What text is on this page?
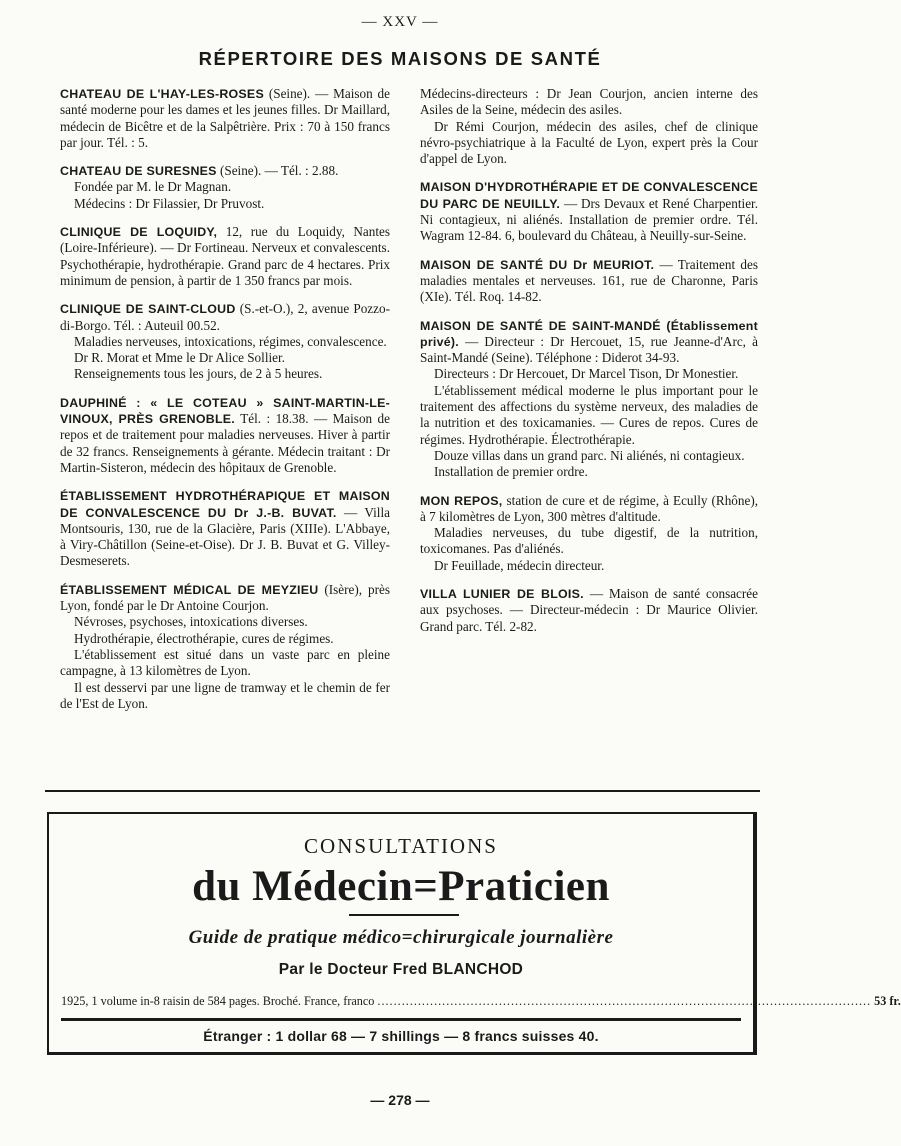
— XXV —
RÉPERTOIRE DES MAISONS DE SANTÉ

CHATEAU DE L'HAY-LES-ROSES (Seine). — Maison de santé moderne pour les dames et les jeunes filles. Dr Maillard, médecin de Bicêtre et de la Salpêtrière. Prix : 70 à 150 francs par jour. Tél. : 5.

CHATEAU DE SURESNES (Seine). — Tél. : 2.88.

Fondée par M. le Dr Magnan.

Médecins : Dr Filassier, Dr Pruvost.

CLINIQUE DE LOQUIDY, 12, rue du Loquidy, Nantes (Loire-Inférieure). — Dr Fortineau. Nerveux et convalescents. Psychothérapie, hydrothérapie. Grand parc de 4 hectares. Prix minimum de pension, à partir de 1 350 francs par mois.

CLINIQUE DE SAINT-CLOUD (S.-et-O.), 2, avenue Pozzo-di-Borgo. Tél. : Auteuil 00.52.

Maladies nerveuses, intoxications, régimes, convalescence.

Dr R. Morat et Mme le Dr Alice Sollier.

Renseignements tous les jours, de 2 à 5 heures.

DAUPHINÉ : « LE COTEAU » SAINT-MARTIN-LE-VINOUX, PRÈS GRENOBLE. Tél. : 18.38. — Maison de repos et de traitement pour maladies nerveuses. Hiver à partir de 32 francs. Renseignements à gérante. Médecin traitant : Dr Martin-Sisteron, médecin des hôpitaux de Grenoble.

ÉTABLISSEMENT HYDROTHÉRAPIQUE ET MAISON DE CONVALESCENCE DU Dr J.-B. BUVAT. — Villa Montsouris, 130, rue de la Glacière, Paris (XIIIe). L'Abbaye, à Viry-Châtillon (Seine-et-Oise). Dr J. B. Buvat et G. Villey-Desmeserets.

ÉTABLISSEMENT MÉDICAL DE MEYZIEU (Isère), près Lyon, fondé par le Dr Antoine Courjon.

Névroses, psychoses, intoxications diverses.

Hydrothérapie, électrothérapie, cures de régimes.

L'établissement est situé dans un vaste parc en pleine campagne, à 13 kilomètres de Lyon.

Il est desservi par une ligne de tramway et le chemin de fer de l'Est de Lyon.

Médecins-directeurs : Dr Jean Courjon, ancien interne des Asiles de la Seine, médecin des asiles.

Dr Rémi Courjon, médecin des asiles, chef de clinique névro-psychiatrique à la Faculté de Lyon, expert près la Cour d'appel de Lyon.

MAISON D'HYDROTHÉRAPIE ET DE CONVALESCENCE DU PARC DE NEUILLY. — Drs Devaux et René Charpentier. Ni contagieux, ni aliénés. Installation de premier ordre. Tél. Wagram 12-84. 6, boulevard du Château, à Neuilly-sur-Seine.

MAISON DE SANTÉ DU Dr MEURIOT. — Traitement des maladies mentales et nerveuses. 161, rue de Charonne, Paris (XIe). Tél. Roq. 14-82.

MAISON DE SANTÉ DE SAINT-MANDÉ (Établissement privé). — Directeur : Dr Hercouet, 15, rue Jeanne-d'Arc, à Saint-Mandé (Seine). Téléphone : Diderot 34-93.

Directeurs : Dr Hercouet, Dr Marcel Tison, Dr Monestier.

L'établissement médical moderne le plus important pour le traitement des affections du système nerveux, des maladies de la nutrition et des toxicamanies. — Cures de repos. Cures de régimes. Hydrothérapie. Électrothérapie.

Douze villas dans un grand parc. Ni aliénés, ni contagieux.

Installation de premier ordre.

MON REPOS, station de cure et de régime, à Ecully (Rhône), à 7 kilomètres de Lyon, 300 mètres d'altitude.

Maladies nerveuses, du tube digestif, de la nutrition, toxicomanes. Pas d'aliénés.

Dr Feuillade, médecin directeur.

VILLA LUNIER DE BLOIS. — Maison de santé consacrée aux psychoses. — Directeur-médecin : Dr Maurice Olivier. Grand parc. Tél. 2-82.

CONSULTATIONS
du Médecin=Praticien
Guide de pratique médico=chirurgicale journalière
Par le Docteur Fred BLANCHOD
1925, 1 volume in-8 raisin de 584 pages. Broché. France, franco .......................................................................................................................... 53 fr.
Étranger : 1 dollar 68 — 7 shillings — 8 francs suisses 40.
— 278 —
